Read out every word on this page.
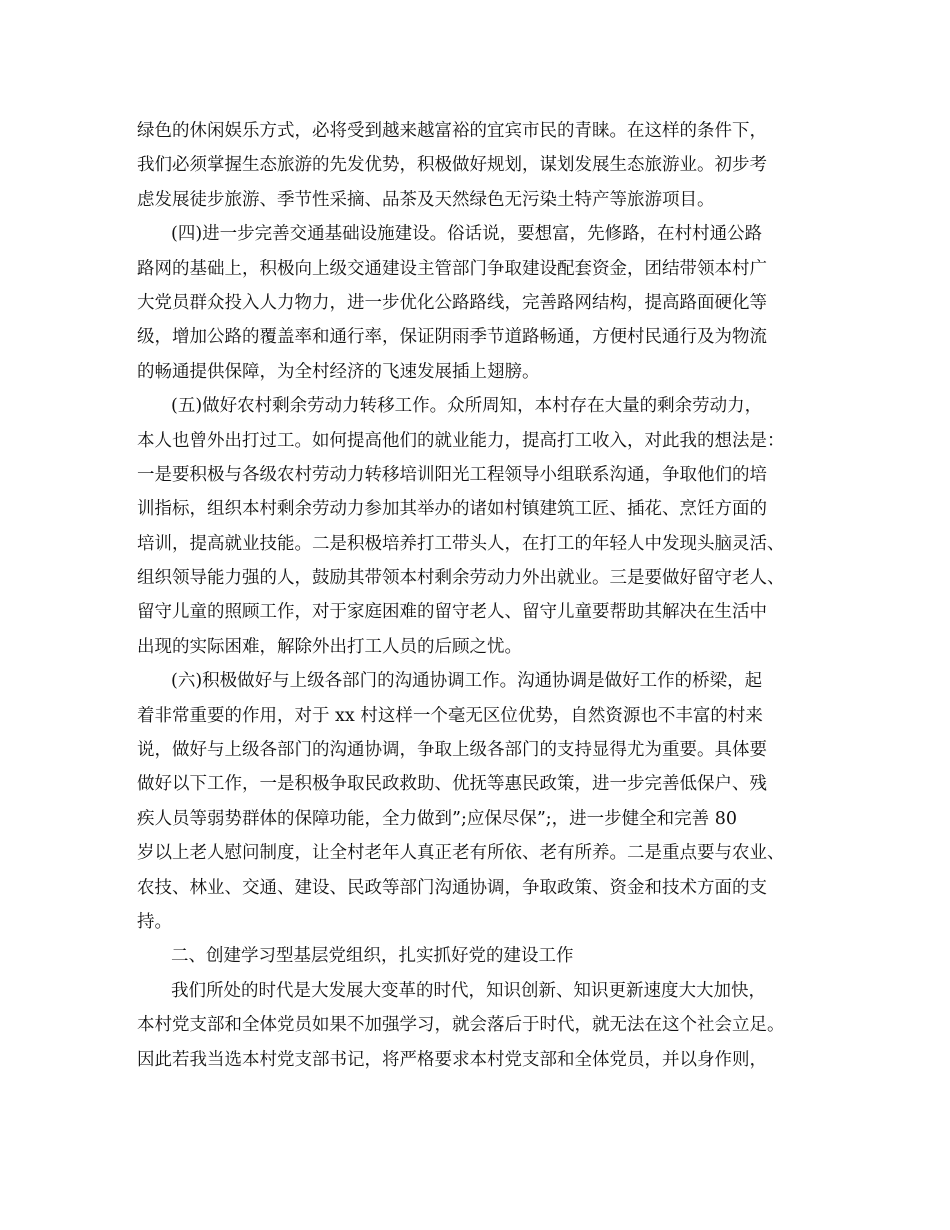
绿色的休闲娱乐方式，必将受到越来越富裕的宜宾市民的青睐。在这样的条件下，
我们必须掌握生态旅游的先发优势，积极做好规划，谋划发展生态旅游业。初步考
虑发展徒步旅游、季节性采摘、品茶及天然绿色无污染土特产等旅游项目。
(四)进一步完善交通基础设施建设。俗话说，要想富，先修路，在村村通公路
路网的基础上，积极向上级交通建设主管部门争取建设配套资金，团结带领本村广
大党员群众投入人力物力，进一步优化公路路线，完善路网结构，提高路面硬化等
级，增加公路的覆盖率和通行率，保证阴雨季节道路畅通，方便村民通行及为物流
的畅通提供保障，为全村经济的飞速发展插上翅膀。
(五)做好农村剩余劳动力转移工作。众所周知，本村存在大量的剩余劳动力，
本人也曾外出打过工。如何提高他们的就业能力，提高打工收入，对此我的想法是：
一是要积极与各级农村劳动力转移培训阳光工程领导小组联系沟通，争取他们的培
训指标，组织本村剩余劳动力参加其举办的诸如村镇建筑工匠、插花、烹饪方面的
培训，提高就业技能。二是积极培养打工带头人，在打工的年轻人中发现头脑灵活、
组织领导能力强的人，鼓励其带领本村剩余劳动力外出就业。三是要做好留守老人、
留守儿童的照顾工作，对于家庭困难的留守老人、留守儿童要帮助其解决在生活中
出现的实际困难，解除外出打工人员的后顾之忧。
(六)积极做好与上级各部门的沟通协调工作。沟通协调是做好工作的桥梁，起
着非常重要的作用，对于 xx 村这样一个毫无区位优势，自然资源也不丰富的村来
说，做好与上级各部门的沟通协调，争取上级各部门的支持显得尤为重要。具体要
做好以下工作，一是积极争取民政救助、优抚等惠民政策，进一步完善低保户、残
疾人员等弱势群体的保障功能，全力做到”;应保尽保”;，进一步健全和完善 80
岁以上老人慰问制度，让全村老年人真正老有所依、老有所养。二是重点要与农业、
农技、林业、交通、建设、民政等部门沟通协调，争取政策、资金和技术方面的支
持。
二、创建学习型基层党组织，扎实抓好党的建设工作
我们所处的时代是大发展大变革的时代，知识创新、知识更新速度大大加快，
本村党支部和全体党员如果不加强学习，就会落后于时代，就无法在这个社会立足。
因此若我当选本村党支部书记，将严格要求本村党支部和全体党员，并以身作则，
